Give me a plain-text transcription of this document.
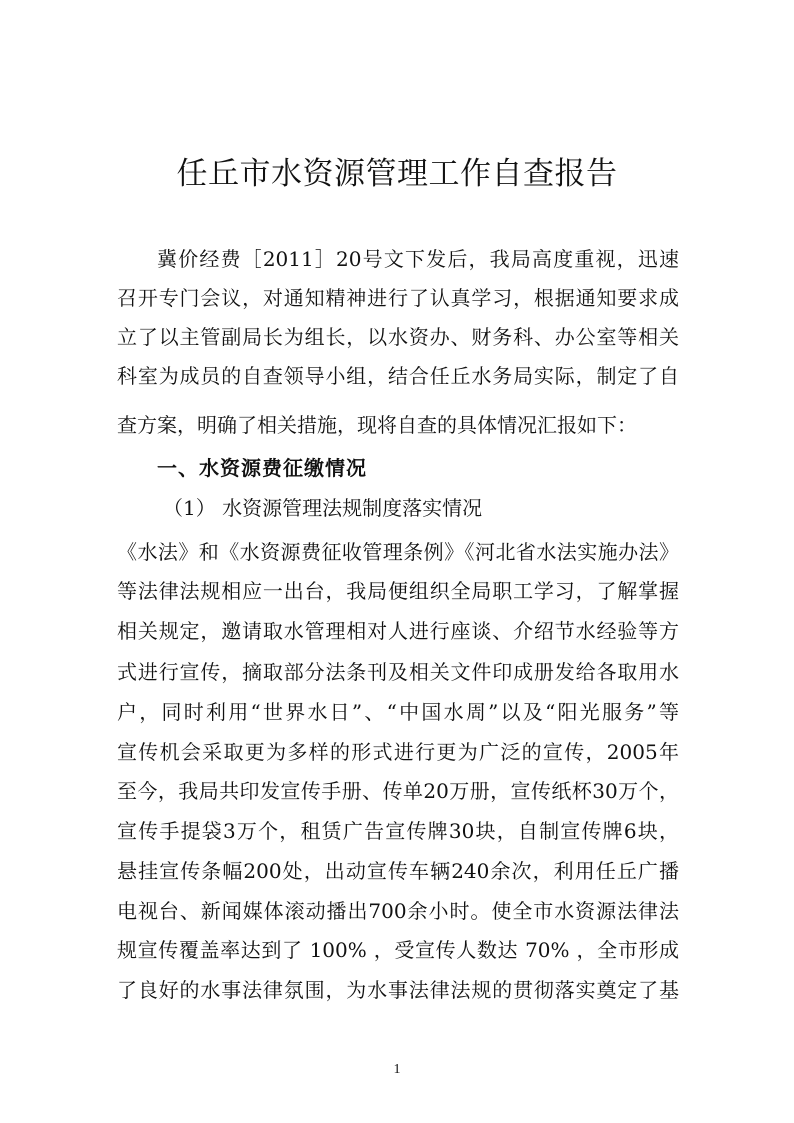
任丘市水资源管理工作自查报告
冀价经费［2011］20号文下发后，我局高度重视，迅速
召开专门会议，对通知精神进行了认真学习，根据通知要求成
立了以主管副局长为组长，以水资办、财务科、办公室等相关
科室为成员的自查领导小组，结合任丘水务局实际，制定了自
查方案，明确了相关措施，现将自查的具体情况汇报如下：
一、水资源费征缴情况
（1） 水资源管理法规制度落实情况
《水法》和《水资源费征收管理条例》《河北省水法实施办法》
等法律法规相应一出台，我局便组织全局职工学习，了解掌握
相关规定，邀请取水管理相对人进行座谈、介绍节水经验等方
式进行宣传，摘取部分法条刊及相关文件印成册发给各取用水
户，同时利用“世界水日”、“中国水周”以及“阳光服务”等
宣传机会采取更为多样的形式进行更为广泛的宣传，2005年
至今，我局共印发宣传手册、传单20万册，宣传纸杯30万个，
宣传手提袋3万个，租赁广告宣传牌30块，自制宣传牌6块，
悬挂宣传条幅200处，出动宣传车辆240余次，利用任丘广播
电视台、新闻媒体滚动播出700余小时。使全市水资源法律法
规宣传覆盖率达到了 100% ，受宣传人数达 70% ，全市形成
了良好的水事法律氛围，为水事法律法规的贯彻落实奠定了基
1
